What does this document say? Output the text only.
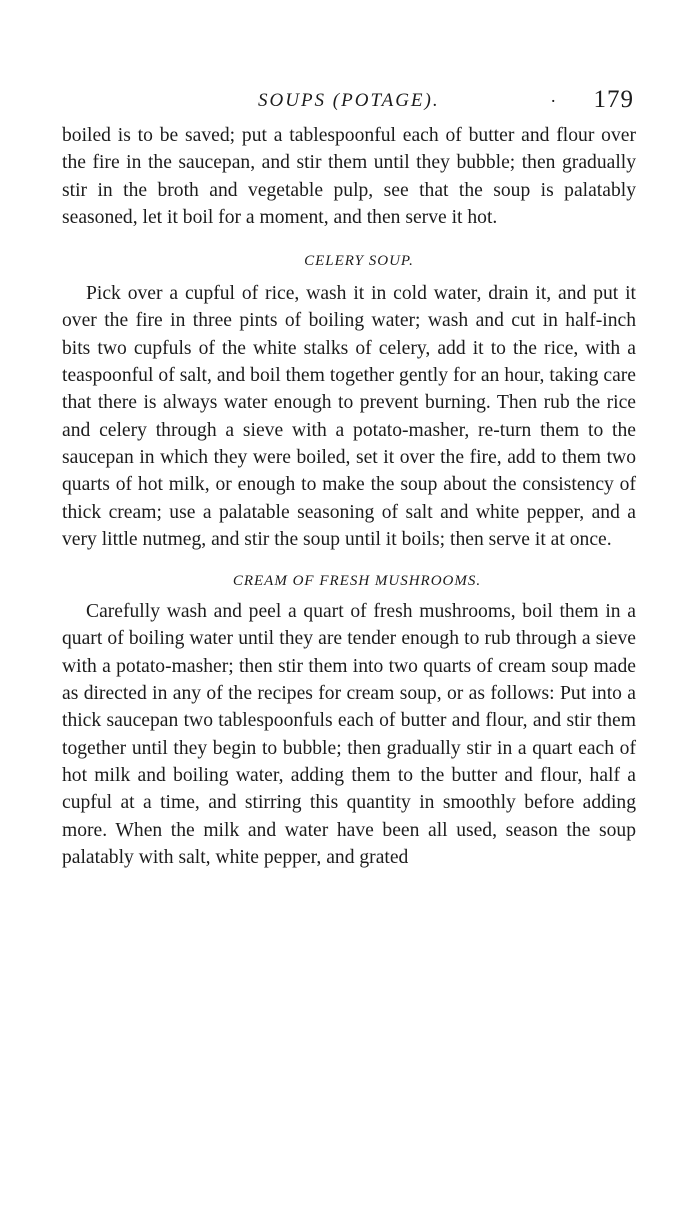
SOUPS (POTAGE).	. 179

boiled is to be saved; put a tablespoonful each of butter and flour over the fire in the saucepan, and stir them until they bubble; then gradually stir in the broth and vegetable pulp, see that the soup is palatably seasoned, let it boil for a moment, and then serve it hot.

CELERY SOUP.

Pick over a cupful of rice, wash it in cold water, drain it, and put it over the fire in three pints of boiling water; wash and cut in half-inch bits two cupfuls of the white stalks of celery, add it to the rice, with a teaspoonful of salt, and boil them together gently for an hour, taking care that there is always water enough to prevent burning. Then rub the rice and celery through a sieve with a potato-masher, re-turn them to the saucepan in which they were boiled, set it over the fire, add to them two quarts of hot milk, or enough to make the soup about the consistency of thick cream; use a palatable seasoning of salt and white pepper, and a very little nutmeg, and stir the soup until it boils; then serve it at once.

CREAM OF FRESH MUSHROOMS.

Carefully wash and peel a quart of fresh mushrooms, boil them in a quart of boiling water until they are tender enough to rub through a sieve with a potato-masher; then stir them into two quarts of cream soup made as directed in any of the recipes for cream soup, or as follows: Put into a thick saucepan two tablespoonfuls each of butter and flour, and stir them together until they begin to bubble; then gradually stir in a quart each of hot milk and boiling water, adding them to the butter and flour, half a cupful at a time, and stirring this quantity in smoothly before adding more. When the milk and water have been all used, season the soup palatably with salt, white pepper, and grated
